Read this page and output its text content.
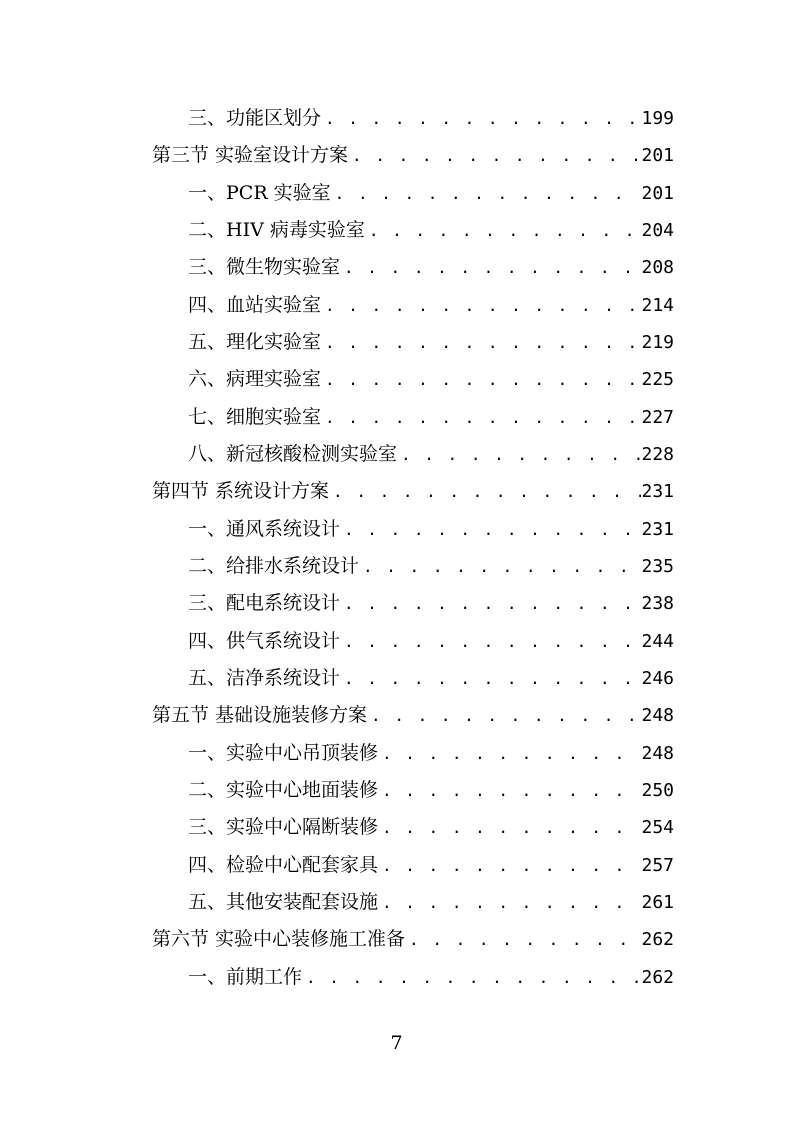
三、功能区划分 . . .	199
第三节 实验室设计方案 . . .	201
一、PCR 实验室 . . .	201
二、HIV 病毒实验室 . . .	204
三、微生物实验室 . . .	208
四、血站实验室 . . .	214
五、理化实验室 . . .	219
六、病理实验室 . . .	225
七、细胞实验室 . . .	227
八、新冠核酸检测实验室 . . .	228
第四节 系统设计方案 . . .	231
一、通风系统设计 . . .	231
二、给排水系统设计 . . .	235
三、配电系统设计 . . .	238
四、供气系统设计 . . .	244
五、洁净系统设计 . . .	246
第五节 基础设施装修方案 . . .	248
一、实验中心吊顶装修 . . .	248
二、实验中心地面装修 . . .	250
三、实验中心隔断装修 . . .	254
四、检验中心配套家具 . . .	257
五、其他安装配套设施 . . .	261
第六节 实验中心装修施工准备 . . .	262
一、前期工作 . . .	262
7
